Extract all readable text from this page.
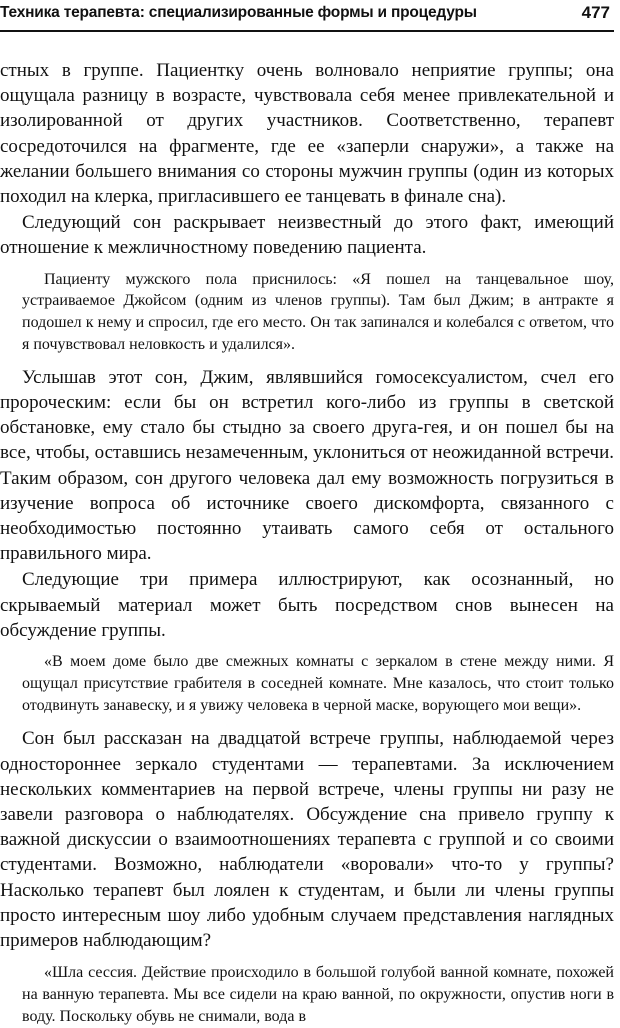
Техника терапевта: специализированные формы и процедуры	477

стных в группе. Пациентку очень волновало неприятие группы; она ощущала разницу в возрасте, чувствовала себя менее привлекательной и изолированной от других участников. Соответственно, терапевт сосредоточился на фрагменте, где ее «заперли снаружи», а также на желании большего внимания со стороны мужчин группы (один из которых походил на клерка, пригласившего ее танцевать в финале сна).

Следующий сон раскрывает неизвестный до этого факт, имеющий отношение к межличностному поведению пациента.

Пациенту мужского пола приснилось: «Я пошел на танцевальное шоу, устраиваемое Джойсом (одним из членов группы). Там был Джим; в антракте я подошел к нему и спросил, где его место. Он так запинался и колебался с ответом, что я почувствовал неловкость и удалился».

Услышав этот сон, Джим, являвшийся гомосексуалистом, счел его пророческим: если бы он встретил кого-либо из группы в светской обстановке, ему стало бы стыдно за своего друга-гея, и он пошел бы на все, чтобы, оставшись незамеченным, уклониться от неожиданной встречи. Таким образом, сон другого человека дал ему возможность погрузиться в изучение вопроса об источнике своего дискомфорта, связанного с необходимостью постоянно утаивать самого себя от остального правильного мира.

Следующие три примера иллюстрируют, как осознанный, но скрываемый материал может быть посредством снов вынесен на обсуждение группы.

«В моем доме было две смежных комнаты с зеркалом в стене между ними. Я ощущал присутствие грабителя в соседней комнате. Мне казалось, что стоит только отодвинуть занавеску, и я увижу человека в черной маске, ворующего мои вещи».

Сон был рассказан на двадцатой встрече группы, наблюдаемой через одностороннее зеркало студентами — терапевтами. За исключением нескольких комментариев на первой встрече, члены группы ни разу не завели разговора о наблюдателях. Обсуждение сна привело группу к важной дискуссии о взаимоотношениях терапевта с группой и со своими студентами. Возможно, наблюдатели «воровали» что-то у группы? Насколько терапевт был лоялен к студентам, и были ли члены группы просто интересным шоу либо удобным случаем представления наглядных примеров наблюдающим?

«Шла сессия. Действие происходило в большой голубой ванной комнате, похожей на ванную терапевта. Мы все сидели на краю ванной, по окружности, опустив ноги в воду. Поскольку обувь не снимали, вода в
